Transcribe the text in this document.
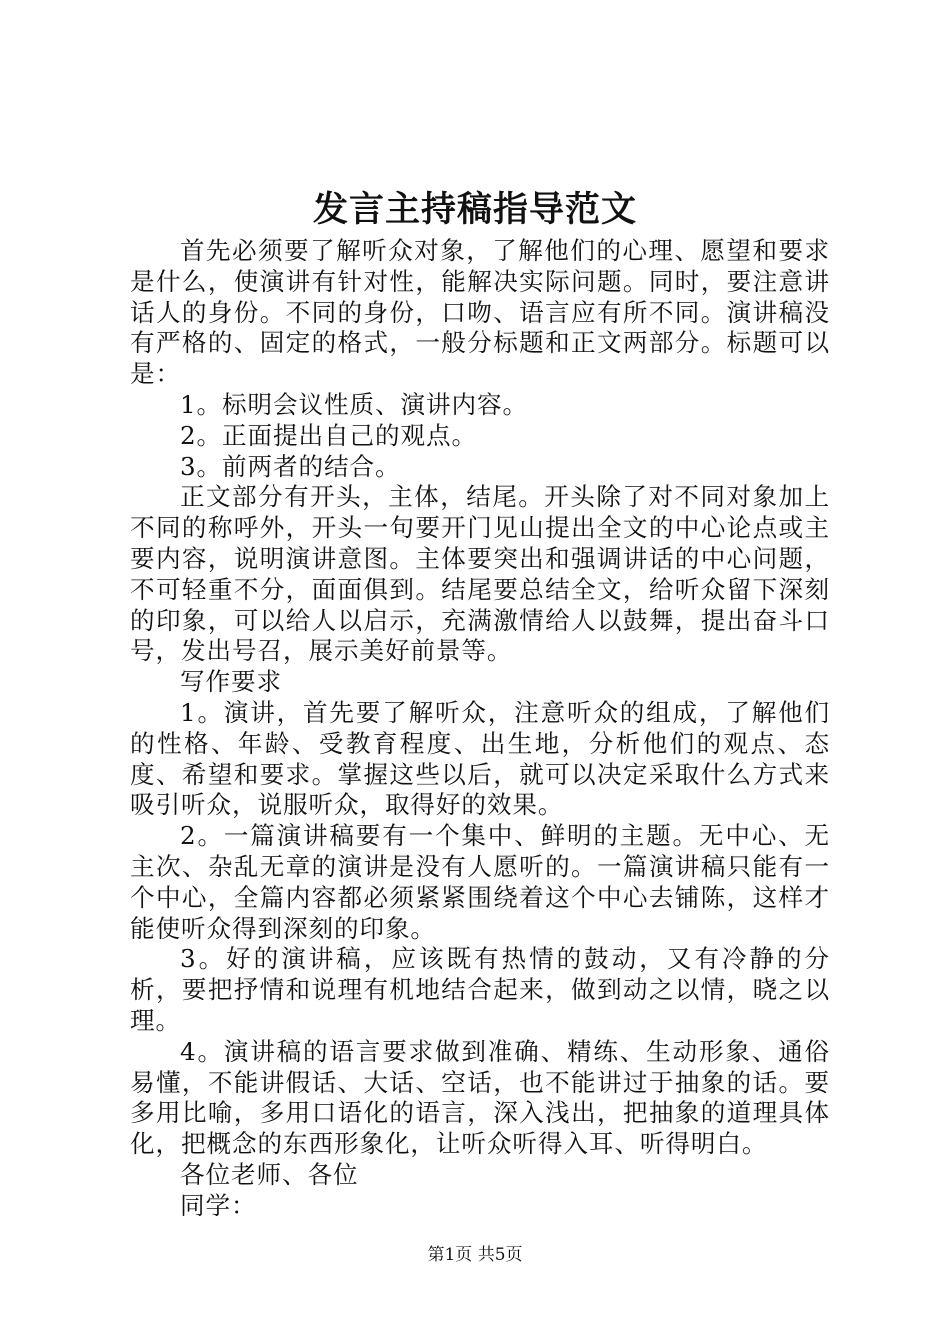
发言主持稿指导范文

首先必须要了解听众对象，了解他们的心理、愿望和要求是什么，使演讲有针对性，能解决实际问题。同时，要注意讲话人的身份。不同的身份，口吻、语言应有所不同。演讲稿没有严格的、固定的格式，一般分标题和正文两部分。标题可以是：

1。标明会议性质、演讲内容。

2。正面提出自己的观点。

3。前两者的结合。

正文部分有开头，主体，结尾。开头除了对不同对象加上不同的称呼外，开头一句要开门见山提出全文的中心论点或主要内容，说明演讲意图。主体要突出和强调讲话的中心问题，不可轻重不分，面面俱到。结尾要总结全文，给听众留下深刻的印象，可以给人以启示，充满激情给人以鼓舞，提出奋斗口号，发出号召，展示美好前景等。

写作要求

1。演讲，首先要了解听众，注意听众的组成，了解他们的性格、年龄、受教育程度、出生地，分析他们的观点、态度、希望和要求。掌握这些以后，就可以决定采取什么方式来吸引听众，说服听众，取得好的效果。

2。一篇演讲稿要有一个集中、鲜明的主题。无中心、无主次、杂乱无章的演讲是没有人愿听的。一篇演讲稿只能有一个中心，全篇内容都必须紧紧围绕着这个中心去铺陈，这样才能使听众得到深刻的印象。

3。好的演讲稿，应该既有热情的鼓动，又有冷静的分析，要把抒情和说理有机地结合起来，做到动之以情，晓之以理。

4。演讲稿的语言要求做到准确、精练、生动形象、通俗易懂，不能讲假话、大话、空话，也不能讲过于抽象的话。要多用比喻，多用口语化的语言，深入浅出，把抽象的道理具体化，把概念的东西形象化，让听众听得入耳、听得明白。

各位老师、各位

同学：

第1页 共5页
